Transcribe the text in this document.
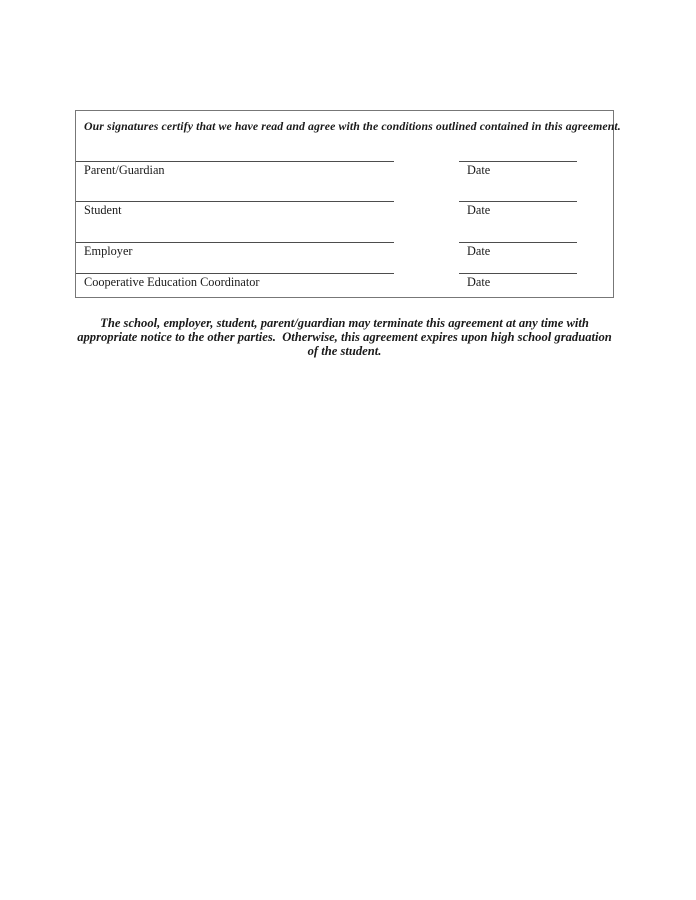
Our signatures certify that we have read and agree with the conditions outlined contained in this agreement.
Parent/Guardian	Date
Student	Date
Employer	Date
Cooperative Education Coordinator	Date
The school, employer, student, parent/guardian may terminate this agreement at any time with
appropriate notice to the other parties.  Otherwise, this agreement expires upon high school graduation
of the student.
